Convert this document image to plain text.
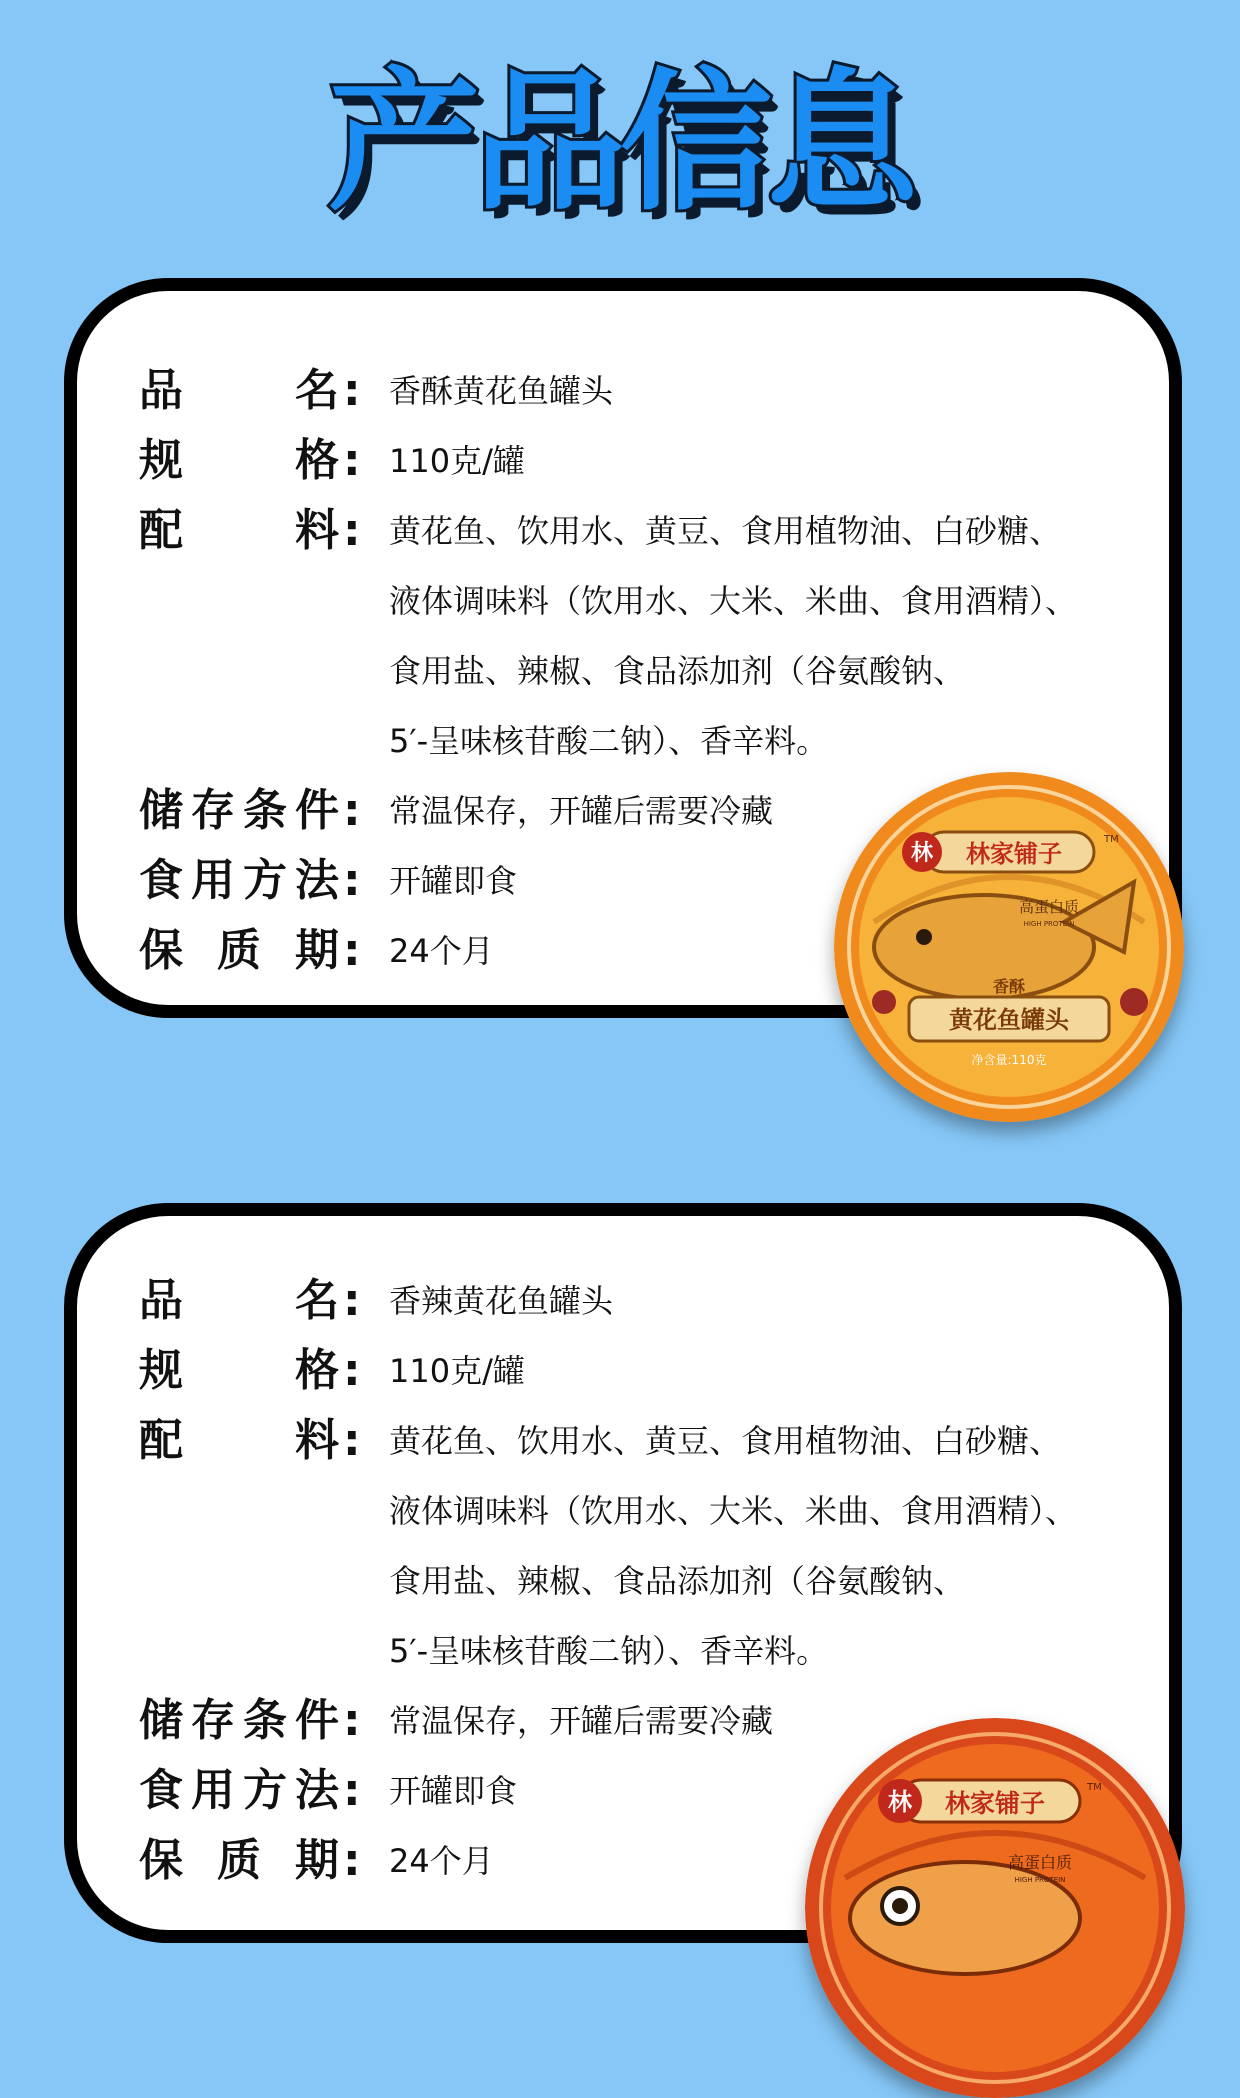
产品信息
品名 : 香酥黄花鱼罐头
规格 : 110克/罐
配料 : 黄花鱼、饮用水、黄豆、食用植物油、白砂糖、
液体调味料（饮用水、大米、米曲、食用酒精）、
食用盐、辣椒、食品添加剂（谷氨酸钠、
5′-呈味核苷酸二钠）、香辛料。
储存条件 : 常温保存，开罐后需要冷藏
食用方法 : 开罐即食
保质期 : 24个月
林 林家铺子
TM
高蛋白质
HIGH PROTEIN
香酥
黄花鱼罐头
净含量:110克
品名 : 香辣黄花鱼罐头
规格 : 110克/罐
配料 : 黄花鱼、饮用水、黄豆、食用植物油、白砂糖、
液体调味料（饮用水、大米、米曲、食用酒精）、
食用盐、辣椒、食品添加剂（谷氨酸钠、
5′-呈味核苷酸二钠）、香辛料。
储存条件 : 常温保存，开罐后需要冷藏
食用方法 : 开罐即食
保质期 : 24个月
林 林家铺子
TM
高蛋白质
HIGH PROTEIN
